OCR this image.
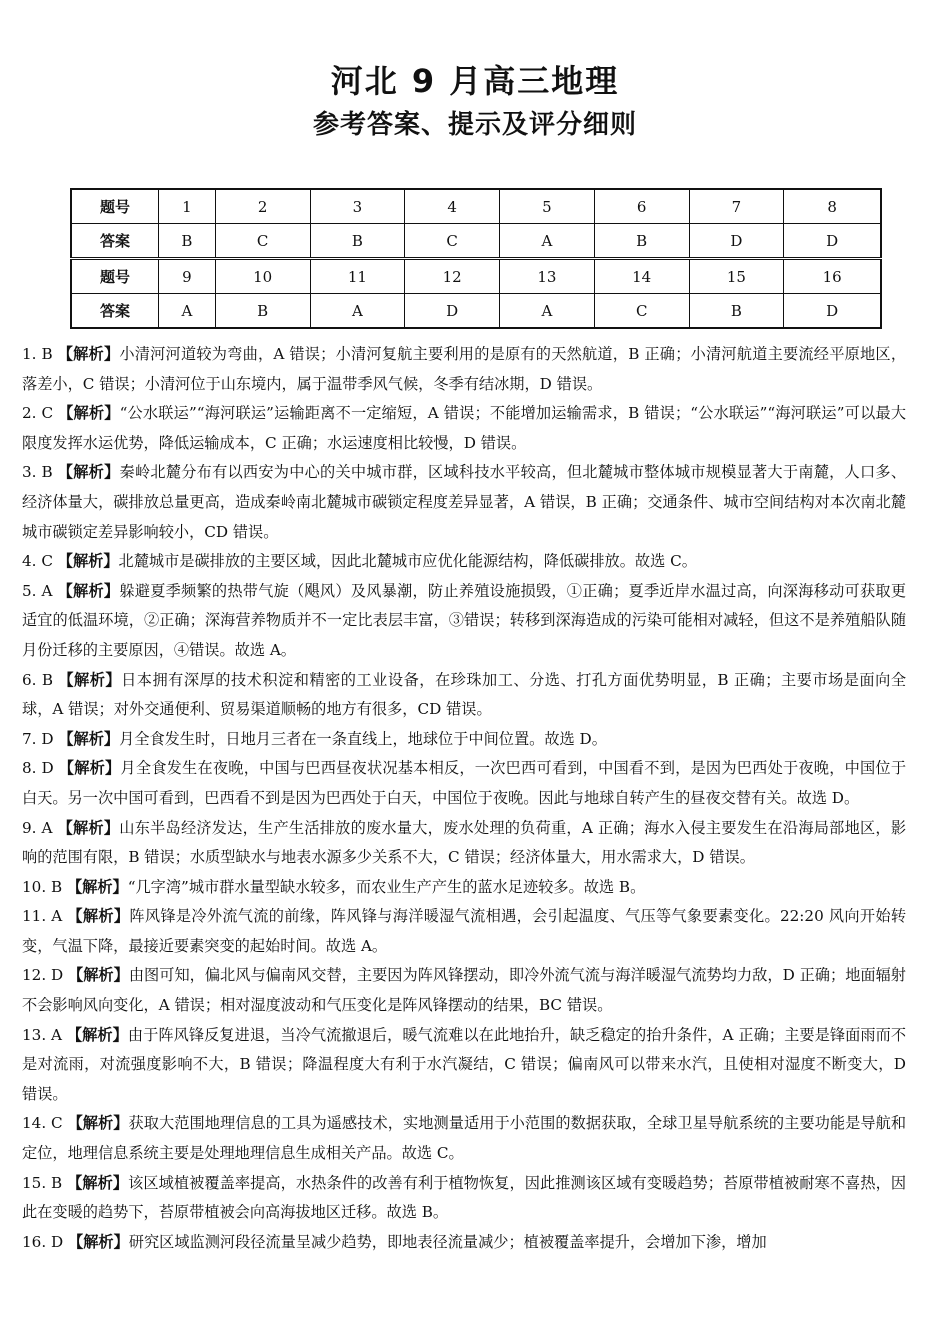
河北 9 月高三地理
参考答案、提示及评分细则
题号	1	2	3	4	5	6	7	8
答案	B	C	B	C	A	B	D	D
题号	9	10	11	12	13	14	15	16
答案	A	B	A	D	A	C	B	D
1. B 【解析】小清河河道较为弯曲，A 错误；小清河复航主要利用的是原有的天然航道，B 正确；小清河航道主要流经平原地区，落差小，C 错误；小清河位于山东境内，属于温带季风气候，冬季有结冰期，D 错误。
2. C 【解析】“公水联运”“海河联运”运输距离不一定缩短，A 错误；不能增加运输需求，B 错误；“公水联运”“海河联运”可以最大限度发挥水运优势，降低运输成本，C 正确；水运速度相比较慢，D 错误。
3. B 【解析】秦岭北麓分布有以西安为中心的关中城市群，区域科技水平较高，但北麓城市整体城市规模显著大于南麓，人口多、经济体量大，碳排放总量更高，造成秦岭南北麓城市碳锁定程度差异显著，A 错误，B 正确；交通条件、城市空间结构对本次南北麓城市碳锁定差异影响较小，CD 错误。
4. C 【解析】北麓城市是碳排放的主要区域，因此北麓城市应优化能源结构，降低碳排放。故选 C。
5. A 【解析】躲避夏季频繁的热带气旋（飓风）及风暴潮，防止养殖设施损毁，①正确；夏季近岸水温过高，向深海移动可获取更适宜的低温环境，②正确；深海营养物质并不一定比表层丰富，③错误；转移到深海造成的污染可能相对减轻，但这不是养殖船队随月份迁移的主要原因，④错误。故选 A。
6. B 【解析】日本拥有深厚的技术积淀和精密的工业设备，在珍珠加工、分选、打孔方面优势明显，B 正确；主要市场是面向全球，A 错误；对外交通便利、贸易渠道顺畅的地方有很多，CD 错误。
7. D 【解析】月全食发生时，日地月三者在一条直线上，地球位于中间位置。故选 D。
8. D 【解析】月全食发生在夜晚，中国与巴西昼夜状况基本相反，一次巴西可看到，中国看不到，是因为巴西处于夜晚，中国位于白天。另一次中国可看到，巴西看不到是因为巴西处于白天，中国位于夜晚。因此与地球自转产生的昼夜交替有关。故选 D。
9. A 【解析】山东半岛经济发达，生产生活排放的废水量大，废水处理的负荷重，A 正确；海水入侵主要发生在沿海局部地区，影响的范围有限，B 错误；水质型缺水与地表水源多少关系不大，C 错误；经济体量大，用水需求大，D 错误。
10. B 【解析】“几字湾”城市群水量型缺水较多，而农业生产产生的蓝水足迹较多。故选 B。
11. A 【解析】阵风锋是冷外流气流的前缘，阵风锋与海洋暖湿气流相遇，会引起温度、气压等气象要素变化。22:20 风向开始转变，气温下降，最接近要素突变的起始时间。故选 A。
12. D 【解析】由图可知，偏北风与偏南风交替，主要因为阵风锋摆动，即冷外流气流与海洋暖湿气流势均力敌，D 正确；地面辐射不会影响风向变化，A 错误；相对湿度波动和气压变化是阵风锋摆动的结果，BC 错误。
13. A 【解析】由于阵风锋反复进退，当冷气流撤退后，暖气流难以在此地抬升，缺乏稳定的抬升条件，A 正确；主要是锋面雨而不是对流雨，对流强度影响不大，B 错误；降温程度大有利于水汽凝结，C 错误；偏南风可以带来水汽，且使相对湿度不断变大，D 错误。
14. C 【解析】获取大范围地理信息的工具为遥感技术，实地测量适用于小范围的数据获取，全球卫星导航系统的主要功能是导航和定位，地理信息系统主要是处理地理信息生成相关产品。故选 C。
15. B 【解析】该区域植被覆盖率提高，水热条件的改善有利于植物恢复，因此推测该区域有变暖趋势；苔原带植被耐寒不喜热，因此在变暖的趋势下，苔原带植被会向高海拔地区迁移。故选 B。
16. D 【解析】研究区域监测河段径流量呈减少趋势，即地表径流量减少；植被覆盖率提升，会增加下渗，增加
